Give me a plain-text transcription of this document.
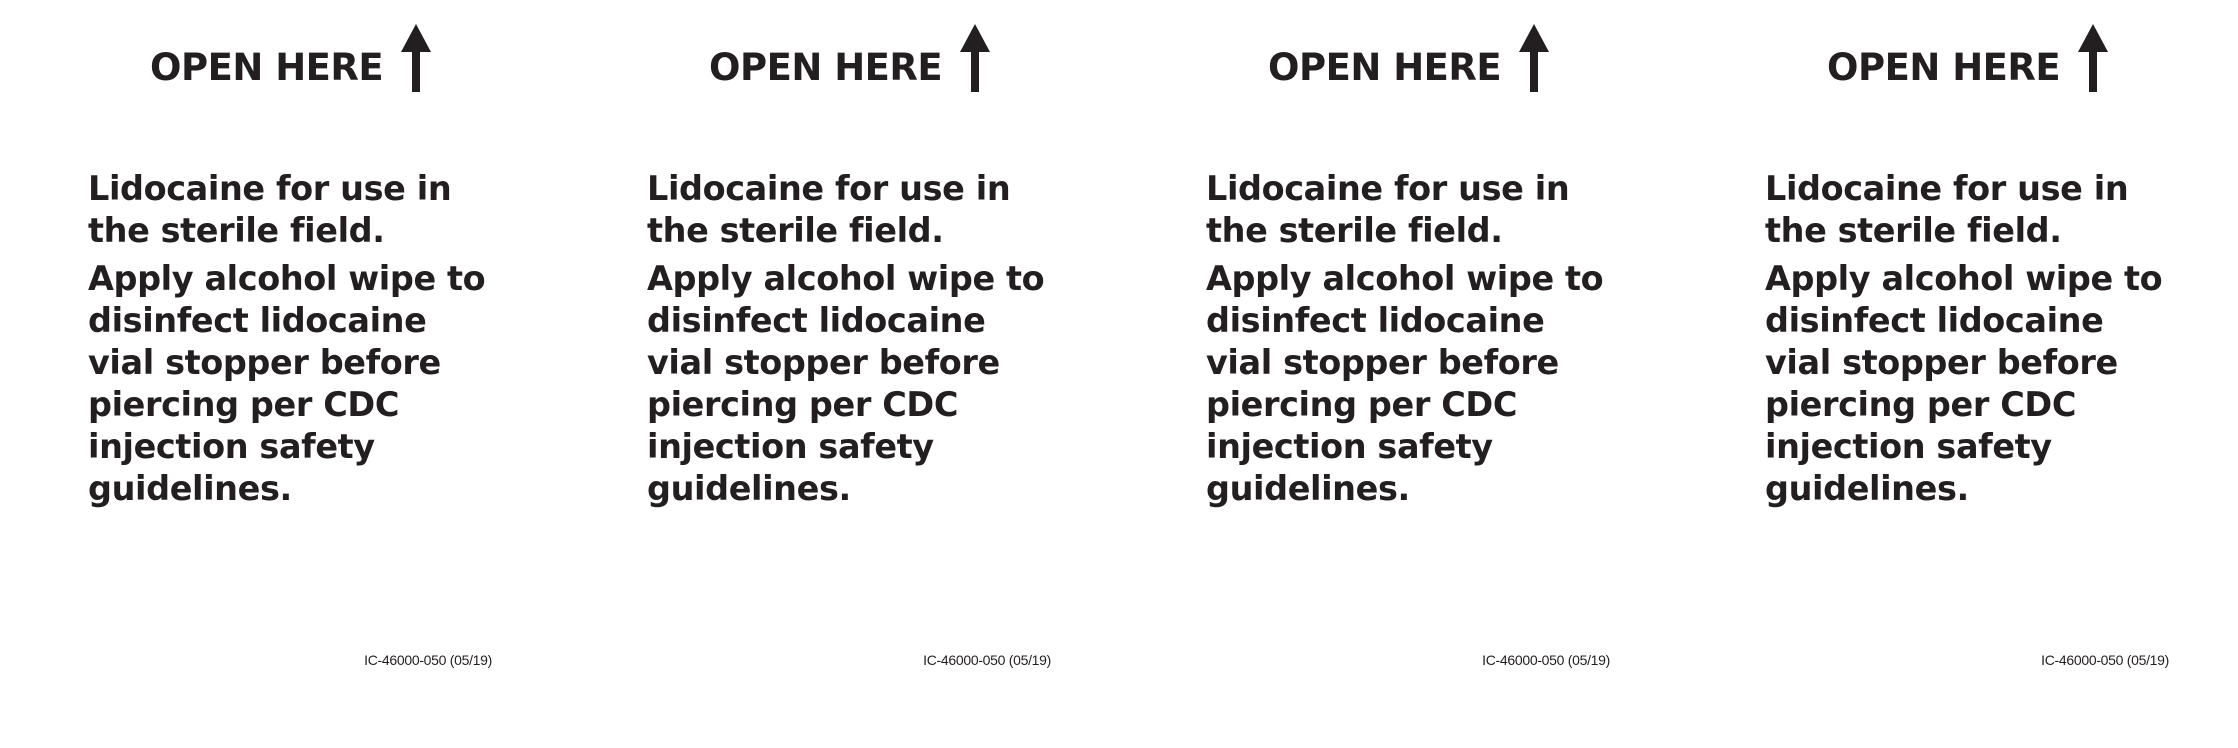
OPEN HERE

Lidocaine for use in
the sterile field.

Apply alcohol wipe to
disinfect lidocaine
vial stopper before
piercing per CDC
injection safety
guidelines.

IC-46000-050 (05/19)
OPEN HERE

Lidocaine for use in
the sterile field.

Apply alcohol wipe to
disinfect lidocaine
vial stopper before
piercing per CDC
injection safety
guidelines.

IC-46000-050 (05/19)
OPEN HERE

Lidocaine for use in
the sterile field.

Apply alcohol wipe to
disinfect lidocaine
vial stopper before
piercing per CDC
injection safety
guidelines.

IC-46000-050 (05/19)
OPEN HERE

Lidocaine for use in
the sterile field.

Apply alcohol wipe to
disinfect lidocaine
vial stopper before
piercing per CDC
injection safety
guidelines.

IC-46000-050 (05/19)
